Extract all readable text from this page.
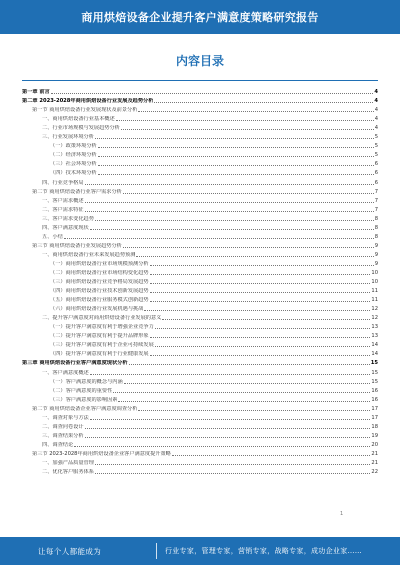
商用烘焙设备企业提升客户满意度策略研究报告
内容目录
第一章 前言	4
第二章 2023-2028年商用烘焙设备行业发展及趋势分析	4
第一节 商用烘焙设备行业发展现状及前景分析	4
一、商用烘焙设备行业基本概述	4
二、行业市场规模与发展趋势分析	4
三、行业发展环境分析	5
（一）政策环境分析	5
（二）经济环境分析	5
（三）社会环境分析	6
（四）技术环境分析	6
四、行业竞争格局	6
第二节 商用烘焙设备行业客户需求分析	7
一、客户需求概述	7
二、客户需求特征	7
三、客户需求变化趋势	8
四、客户满意度现状	8
五、小结	8
第三节 商用烘焙设备行业发展趋势分析	9
一、商用烘焙设备行业未来发展趋势预测	9
（一）商用烘焙设备行业市场规模预测分析	9
（二）商用烘焙设备行业市场结构变化趋势	10
（三）商用烘焙设备行业竞争格局发展趋势	10
（四）商用烘焙设备行业技术创新发展趋势	11
（五）商用烘焙设备行业服务模式创新趋势	11
（六）商用烘焙设备行业发展机遇与挑战	12
二、提升客户满意度对商用烘焙设备行业发展的意义	12
（一）提升客户满意度有利于增强企业竞争力	13
（二）提升客户满意度有利于提升品牌形象	13
（三）提升客户满意度有利于企业可持续发展	14
（四）提升客户满意度有利于行业健康发展	14
第三章 商用烘焙设备行业客户满意度现状分析	15
一、客户满意度概述	15
（一）客户满意度的概念与内涵	15
（二）客户满意度的重要性	16
（三）客户满意度的影响因素	16
第二节 商用烘焙设备企业客户满意度调查分析	17
一、调查对象与方法	17
二、调查问卷设计	18
三、调查结果分析	19
四、调查结论	20
第三节 2023-2028年商用烘焙设备企业客户满意度提升策略	21
一、加强产品质量管理	21
二、优化客户服务体系	22
1
让每个人都能成为	行业专家，管理专家，营销专家，战略专家，成功企业家……
